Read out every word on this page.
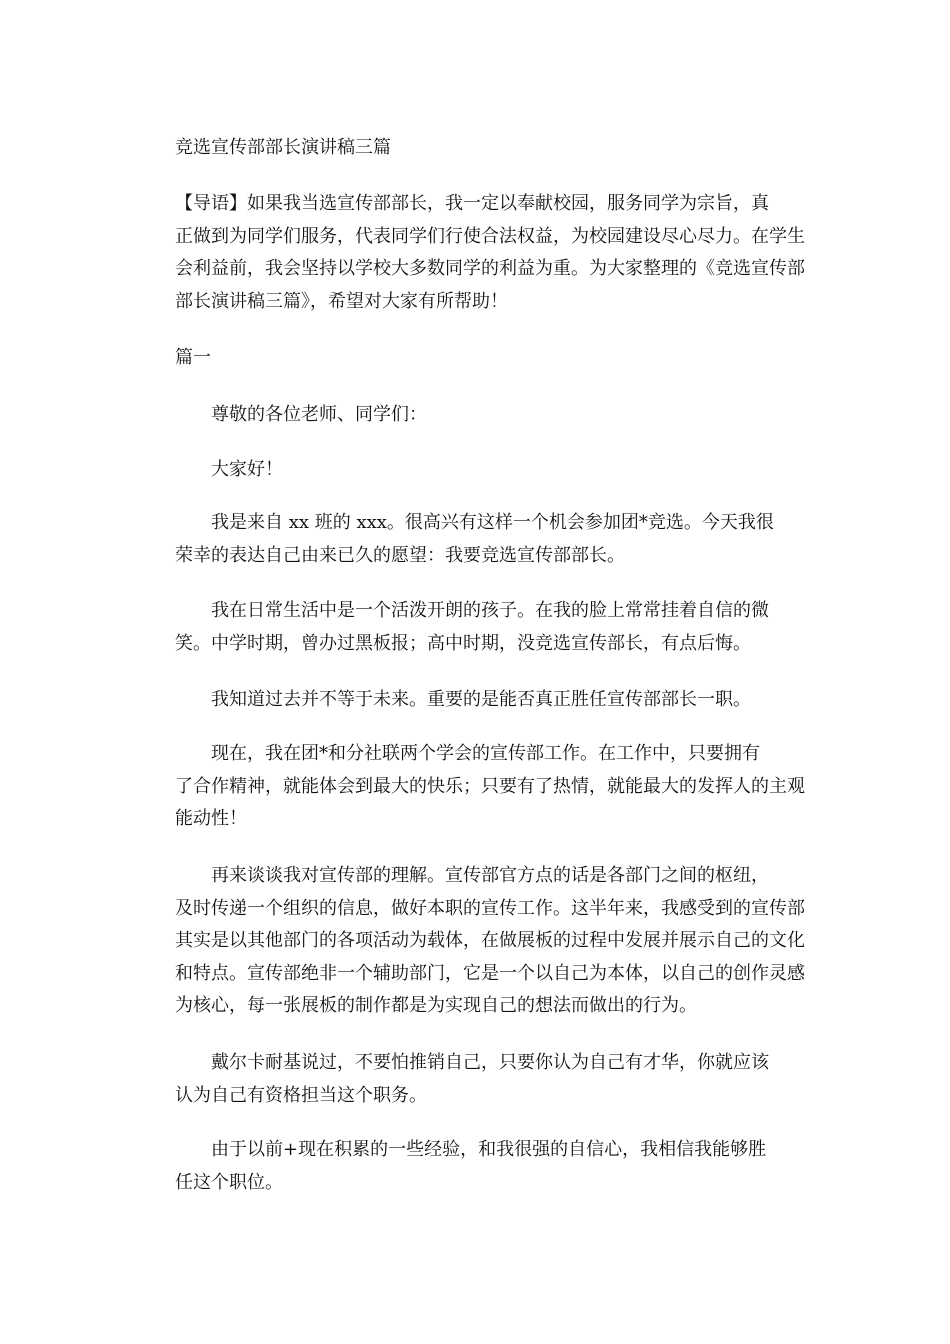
竞选宣传部部长演讲稿三篇

【导语】如果我当选宣传部部长，我一定以奉献校园，服务同学为宗旨，真
正做到为同学们服务，代表同学们行使合法权益，为校园建设尽心尽力。在学生
会利益前，我会坚持以学校大多数同学的利益为重。为大家整理的《竞选宣传部
部长演讲稿三篇》，希望对大家有所帮助！

篇一

尊敬的各位老师、同学们：

大家好！

我是来自 xx 班的 xxx。很高兴有这样一个机会参加团*竞选。今天我很
荣幸的表达自己由来已久的愿望：我要竞选宣传部部长。

我在日常生活中是一个活泼开朗的孩子。在我的脸上常常挂着自信的微
笑。中学时期，曾办过黑板报；高中时期，没竞选宣传部长，有点后悔。

我知道过去并不等于未来。重要的是能否真正胜任宣传部部长一职。

现在，我在团*和分社联两个学会的宣传部工作。在工作中，只要拥有
了合作精神，就能体会到最大的快乐；只要有了热情，就能最大的发挥人的主观
能动性！

再来谈谈我对宣传部的理解。宣传部官方点的话是各部门之间的枢纽，
及时传递一个组织的信息，做好本职的宣传工作。这半年来，我感受到的宣传部
其实是以其他部门的各项活动为载体，在做展板的过程中发展并展示自己的文化
和特点。宣传部绝非一个辅助部门，它是一个以自己为本体，以自己的创作灵感
为核心，每一张展板的制作都是为实现自己的想法而做出的行为。

戴尔卡耐基说过，不要怕推销自己，只要你认为自己有才华，你就应该
认为自己有资格担当这个职务。

由于以前+现在积累的一些经验，和我很强的自信心，我相信我能够胜
任这个职位。
